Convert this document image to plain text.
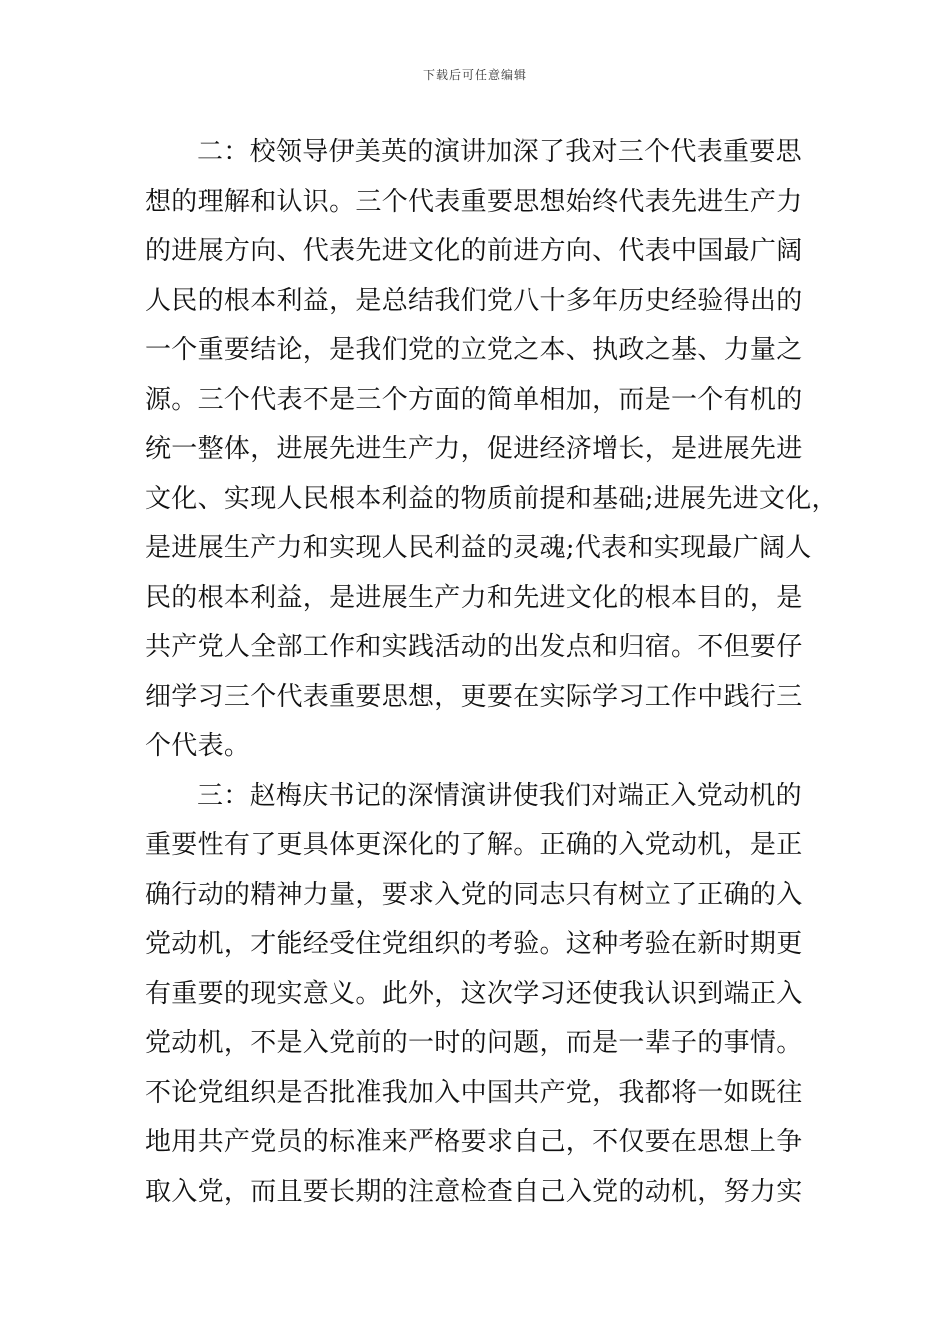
下载后可任意编辑
二：校领导伊美英的演讲加深了我对三个代表重要思
想的理解和认识。三个代表重要思想始终代表先进生产力
的进展方向、代表先进文化的前进方向、代表中国最广阔
人民的根本利益，是总结我们党八十多年历史经验得出的
一个重要结论，是我们党的立党之本、执政之基、力量之
源。三个代表不是三个方面的简单相加，而是一个有机的
统一整体，进展先进生产力，促进经济增长，是进展先进
文化、实现人民根本利益的物质前提和基础;进展先进文化，
是进展生产力和实现人民利益的灵魂;代表和实现最广阔人
民的根本利益，是进展生产力和先进文化的根本目的，是
共产党人全部工作和实践活动的出发点和归宿。不但要仔
细学习三个代表重要思想，更要在实际学习工作中践行三
个代表。
三：赵梅庆书记的深情演讲使我们对端正入党动机的
重要性有了更具体更深化的了解。正确的入党动机，是正
确行动的精神力量，要求入党的同志只有树立了正确的入
党动机，才能经受住党组织的考验。这种考验在新时期更
有重要的现实意义。此外，这次学习还使我认识到端正入
党动机，不是入党前的一时的问题，而是一辈子的事情。
不论党组织是否批准我加入中国共产党，我都将一如既往
地用共产党员的标准来严格要求自己，不仅要在思想上争
取入党，而且要长期的注意检查自己入党的动机，努力实
